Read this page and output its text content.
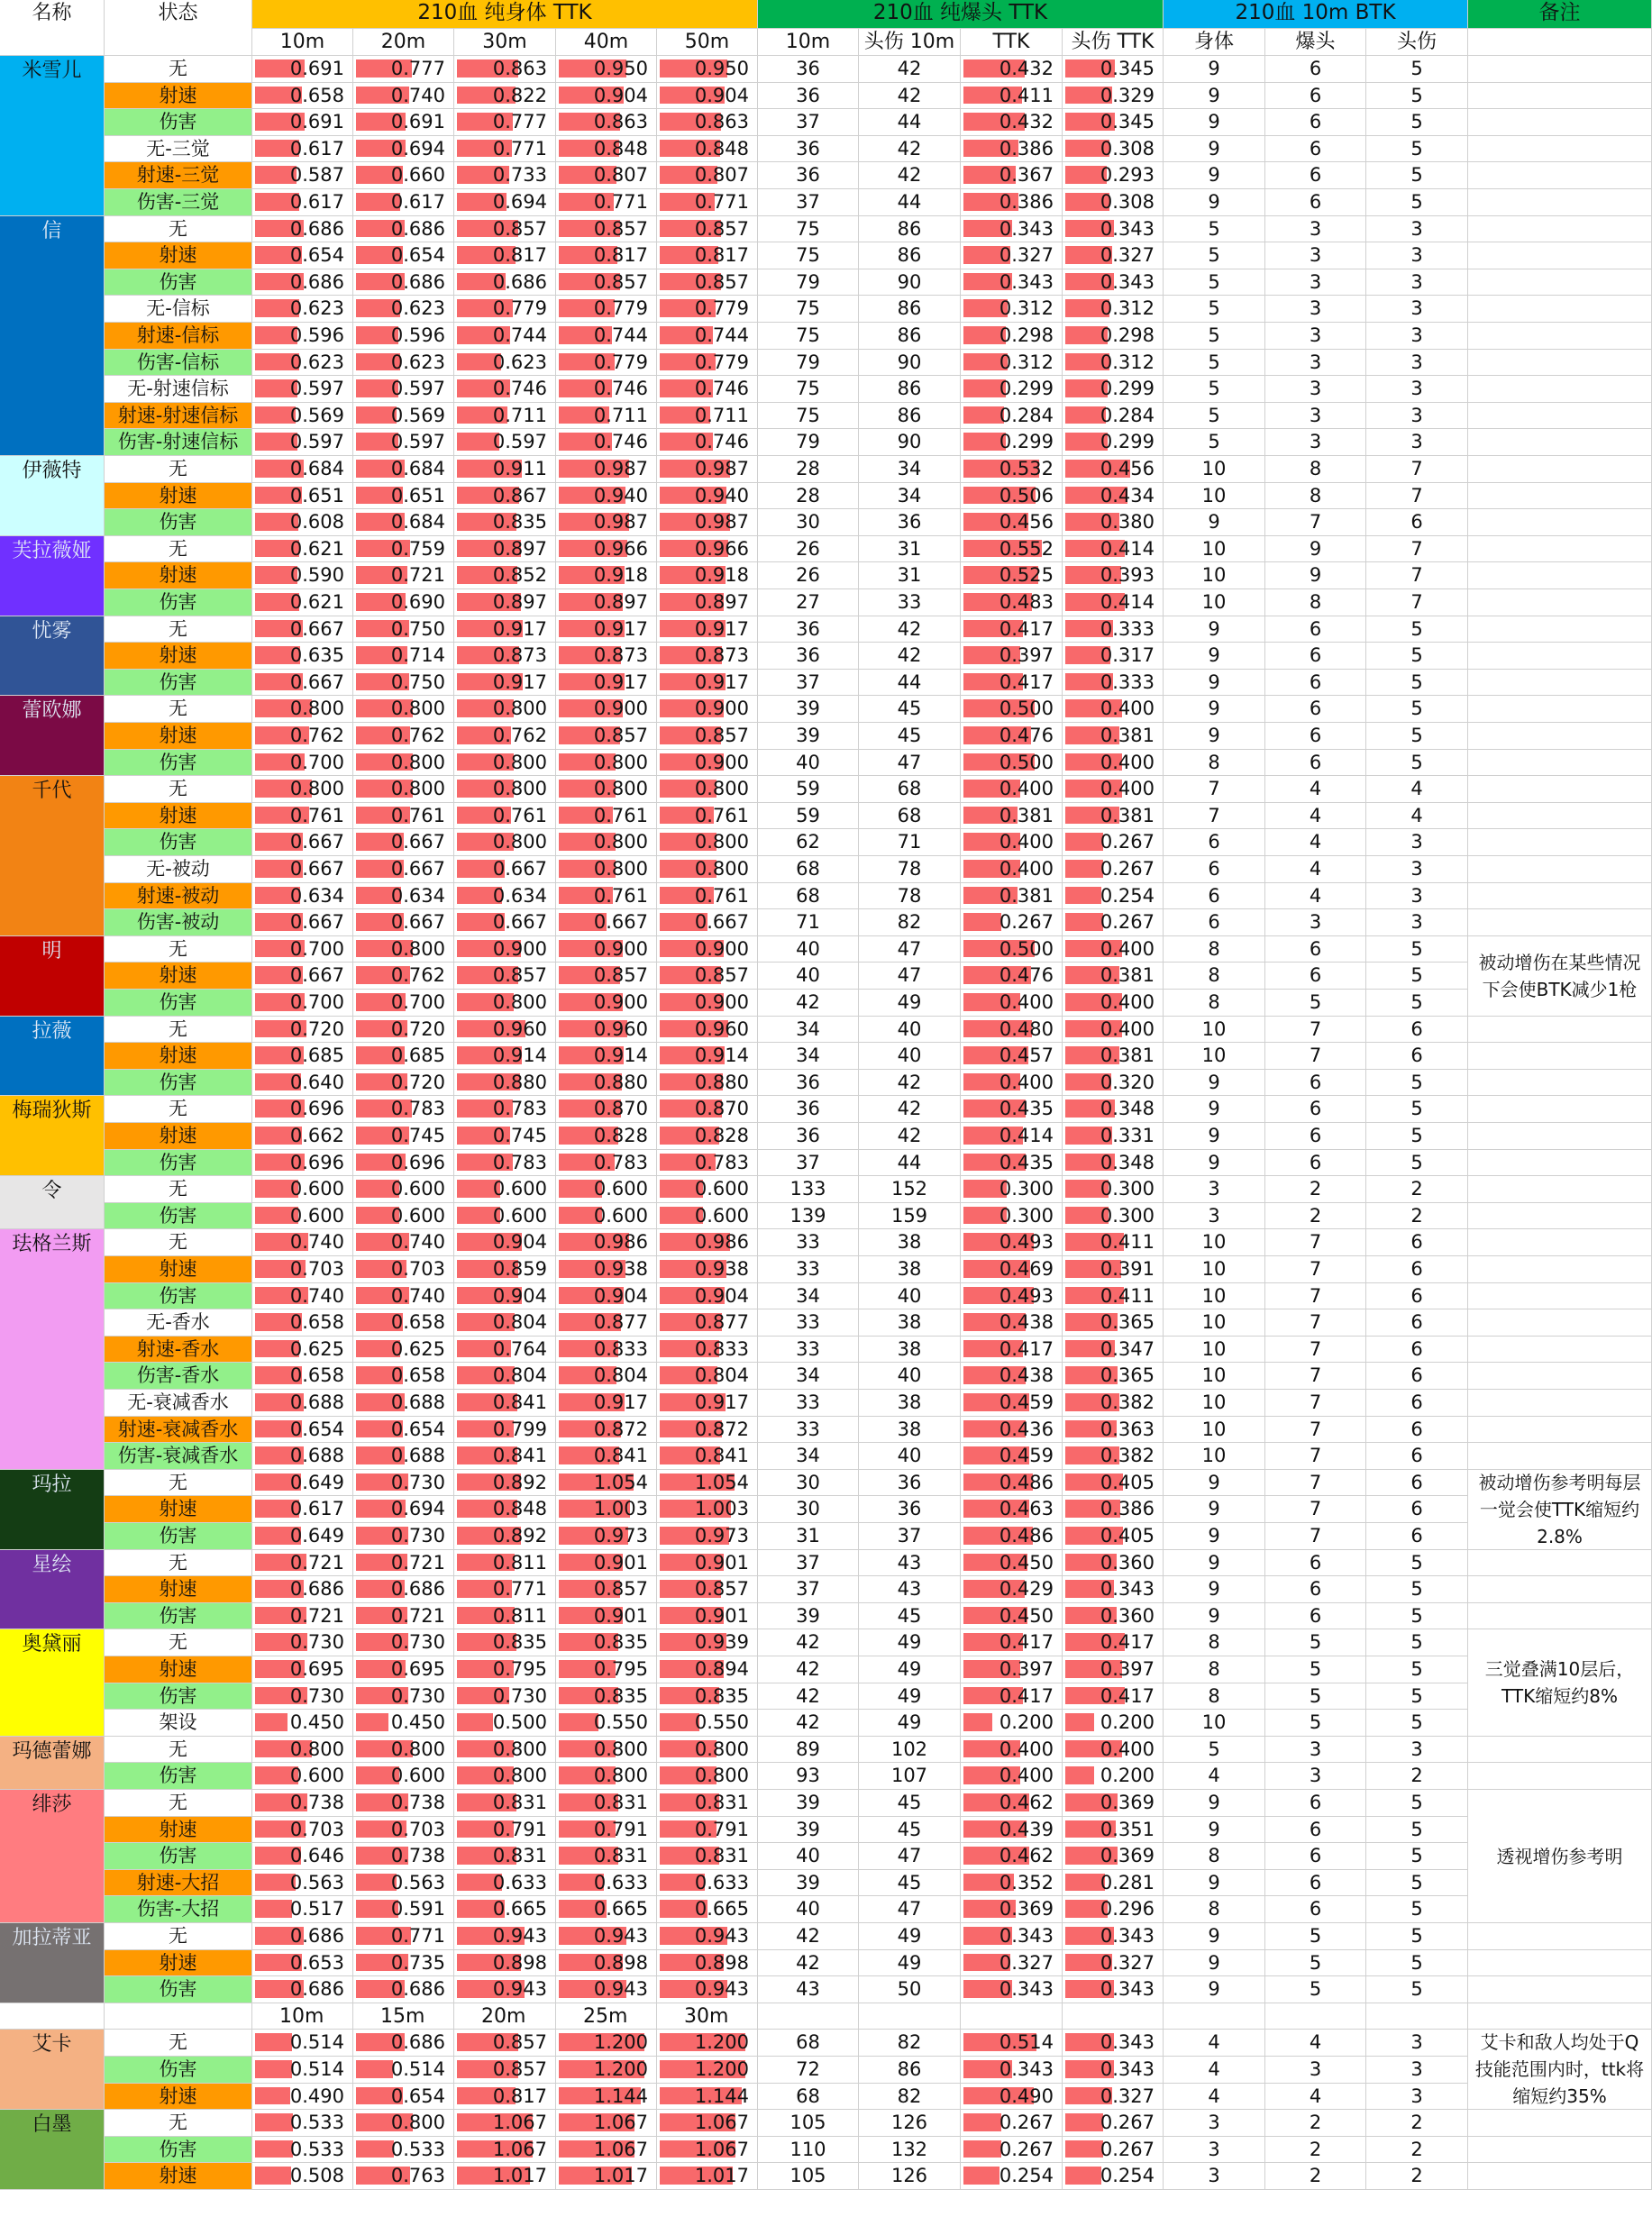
名称	状态	210血 纯身体 TTK	210血 纯爆头 TTK	210血 10m BTK	备注
10m	20m	30m	40m	50m	10m	头伤 10m	TTK	头伤 TTK	身体	爆头	头伤
米雪儿	无	0.691	0.777	0.863	0.950	0.950	36	42	0.432	0.345	9	6	5
射速	0.658	0.740	0.822	0.904	0.904	36	42	0.411	0.329	9	6	5
伤害	0.691	0.691	0.777	0.863	0.863	37	44	0.432	0.345	9	6	5
无-三觉	0.617	0.694	0.771	0.848	0.848	36	42	0.386	0.308	9	6	5
射速-三觉	0.587	0.660	0.733	0.807	0.807	36	42	0.367	0.293	9	6	5
伤害-三觉	0.617	0.617	0.694	0.771	0.771	37	44	0.386	0.308	9	6	5
信	无	0.686	0.686	0.857	0.857	0.857	75	86	0.343	0.343	5	3	3
射速	0.654	0.654	0.817	0.817	0.817	75	86	0.327	0.327	5	3	3
伤害	0.686	0.686	0.686	0.857	0.857	79	90	0.343	0.343	5	3	3
无-信标	0.623	0.623	0.779	0.779	0.779	75	86	0.312	0.312	5	3	3
射速-信标	0.596	0.596	0.744	0.744	0.744	75	86	0.298	0.298	5	3	3
伤害-信标	0.623	0.623	0.623	0.779	0.779	79	90	0.312	0.312	5	3	3
无-射速信标	0.597	0.597	0.746	0.746	0.746	75	86	0.299	0.299	5	3	3
射速-射速信标	0.569	0.569	0.711	0.711	0.711	75	86	0.284	0.284	5	3	3
伤害-射速信标	0.597	0.597	0.597	0.746	0.746	79	90	0.299	0.299	5	3	3
伊薇特	无	0.684	0.684	0.911	0.987	0.987	28	34	0.532	0.456	10	8	7
射速	0.651	0.651	0.867	0.940	0.940	28	34	0.506	0.434	10	8	7
伤害	0.608	0.684	0.835	0.987	0.987	30	36	0.456	0.380	9	7	6
芙拉薇娅	无	0.621	0.759	0.897	0.966	0.966	26	31	0.552	0.414	10	9	7
射速	0.590	0.721	0.852	0.918	0.918	26	31	0.525	0.393	10	9	7
伤害	0.621	0.690	0.897	0.897	0.897	27	33	0.483	0.414	10	8	7
忧雾	无	0.667	0.750	0.917	0.917	0.917	36	42	0.417	0.333	9	6	5
射速	0.635	0.714	0.873	0.873	0.873	36	42	0.397	0.317	9	6	5
伤害	0.667	0.750	0.917	0.917	0.917	37	44	0.417	0.333	9	6	5
蕾欧娜	无	0.800	0.800	0.800	0.900	0.900	39	45	0.500	0.400	9	6	5
射速	0.762	0.762	0.762	0.857	0.857	39	45	0.476	0.381	9	6	5
伤害	0.700	0.800	0.800	0.800	0.900	40	47	0.500	0.400	8	6	5
千代	无	0.800	0.800	0.800	0.800	0.800	59	68	0.400	0.400	7	4	4
射速	0.761	0.761	0.761	0.761	0.761	59	68	0.381	0.381	7	4	4
伤害	0.667	0.667	0.800	0.800	0.800	62	71	0.400	0.267	6	4	3
无-被动	0.667	0.667	0.667	0.800	0.800	68	78	0.400	0.267	6	4	3
射速-被动	0.634	0.634	0.634	0.761	0.761	68	78	0.381	0.254	6	4	3
伤害-被动	0.667	0.667	0.667	0.667	0.667	71	82	0.267	0.267	6	3	3
明	无	0.700	0.800	0.900	0.900	0.900	40	47	0.500	0.400	8	6	5
射速	0.667	0.762	0.857	0.857	0.857	40	47	0.476	0.381	8	6	5
伤害	0.700	0.700	0.800	0.900	0.900	42	49	0.400	0.400	8	5	5
被动增伤在某些情况下会使BTK减少1枪
拉薇	无	0.720	0.720	0.960	0.960	0.960	34	40	0.480	0.400	10	7	6
射速	0.685	0.685	0.914	0.914	0.914	34	40	0.457	0.381	10	7	6
伤害	0.640	0.720	0.880	0.880	0.880	36	42	0.400	0.320	9	6	5
梅瑞狄斯	无	0.696	0.783	0.783	0.870	0.870	36	42	0.435	0.348	9	6	5
射速	0.662	0.745	0.745	0.828	0.828	36	42	0.414	0.331	9	6	5
伤害	0.696	0.696	0.783	0.783	0.783	37	44	0.435	0.348	9	6	5
令	无	0.600	0.600	0.600	0.600	0.600	133	152	0.300	0.300	3	2	2
伤害	0.600	0.600	0.600	0.600	0.600	139	159	0.300	0.300	3	2	2
珐格兰斯	无	0.740	0.740	0.904	0.986	0.986	33	38	0.493	0.411	10	7	6
射速	0.703	0.703	0.859	0.938	0.938	33	38	0.469	0.391	10	7	6
伤害	0.740	0.740	0.904	0.904	0.904	34	40	0.493	0.411	10	7	6
无-香水	0.658	0.658	0.804	0.877	0.877	33	38	0.438	0.365	10	7	6
射速-香水	0.625	0.625	0.764	0.833	0.833	33	38	0.417	0.347	10	7	6
伤害-香水	0.658	0.658	0.804	0.804	0.804	34	40	0.438	0.365	10	7	6
无-衰减香水	0.688	0.688	0.841	0.917	0.917	33	38	0.459	0.382	10	7	6
射速-衰减香水	0.654	0.654	0.799	0.872	0.872	33	38	0.436	0.363	10	7	6
伤害-衰减香水	0.688	0.688	0.841	0.841	0.841	34	40	0.459	0.382	10	7	6
玛拉	无	0.649	0.730	0.892	1.054	1.054	30	36	0.486	0.405	9	7	6
射速	0.617	0.694	0.848	1.003	1.003	30	36	0.463	0.386	9	7	6
伤害	0.649	0.730	0.892	0.973	0.973	31	37	0.486	0.405	9	7	6
被动增伤参考明每层一觉会使TTK缩短约2.8%
星绘	无	0.721	0.721	0.811	0.901	0.901	37	43	0.450	0.360	9	6	5
射速	0.686	0.686	0.771	0.857	0.857	37	43	0.429	0.343	9	6	5
伤害	0.721	0.721	0.811	0.901	0.901	39	45	0.450	0.360	9	6	5
奥黛丽	无	0.730	0.730	0.835	0.835	0.939	42	49	0.417	0.417	8	5	5
射速	0.695	0.695	0.795	0.795	0.894	42	49	0.397	0.397	8	5	5
伤害	0.730	0.730	0.730	0.835	0.835	42	49	0.417	0.417	8	5	5
架设	0.450	0.450	0.500	0.550	0.550	42	49	0.200	0.200	10	5	5
三觉叠满10层后，TTK缩短约8%
玛德蕾娜	无	0.800	0.800	0.800	0.800	0.800	89	102	0.400	0.400	5	3	3
伤害	0.600	0.600	0.800	0.800	0.800	93	107	0.400	0.200	4	3	2
绯莎	无	0.738	0.738	0.831	0.831	0.831	39	45	0.462	0.369	9	6	5
射速	0.703	0.703	0.791	0.791	0.791	39	45	0.439	0.351	9	6	5
伤害	0.646	0.738	0.831	0.831	0.831	40	47	0.462	0.369	8	6	5
射速-大招	0.563	0.563	0.633	0.633	0.633	39	45	0.352	0.281	9	6	5
伤害-大招	0.517	0.591	0.665	0.665	0.665	40	47	0.369	0.296	8	6	5
透视增伤参考明
加拉蒂亚	无	0.686	0.771	0.943	0.943	0.943	42	49	0.343	0.343	9	5	5
射速	0.653	0.735	0.898	0.898	0.898	42	49	0.327	0.327	9	5	5
伤害	0.686	0.686	0.943	0.943	0.943	43	50	0.343	0.343	9	5	5
10m	15m	20m	25m	30m
艾卡	无	0.514	0.686	0.857	1.200	1.200	68	82	0.514	0.343	4	4	3
伤害	0.514	0.514	0.857	1.200	1.200	72	86	0.343	0.343	4	3	3
射速	0.490	0.654	0.817	1.144	1.144	68	82	0.490	0.327	4	4	3
艾卡和敌人均处于Q技能范围内时，ttk将缩短约35%
白墨	无	0.533	0.800	1.067	1.067	1.067	105	126	0.267	0.267	3	2	2
伤害	0.533	0.533	1.067	1.067	1.067	110	132	0.267	0.267	3	2	2
射速	0.508	0.763	1.017	1.017	1.017	105	126	0.254	0.254	3	2	2
